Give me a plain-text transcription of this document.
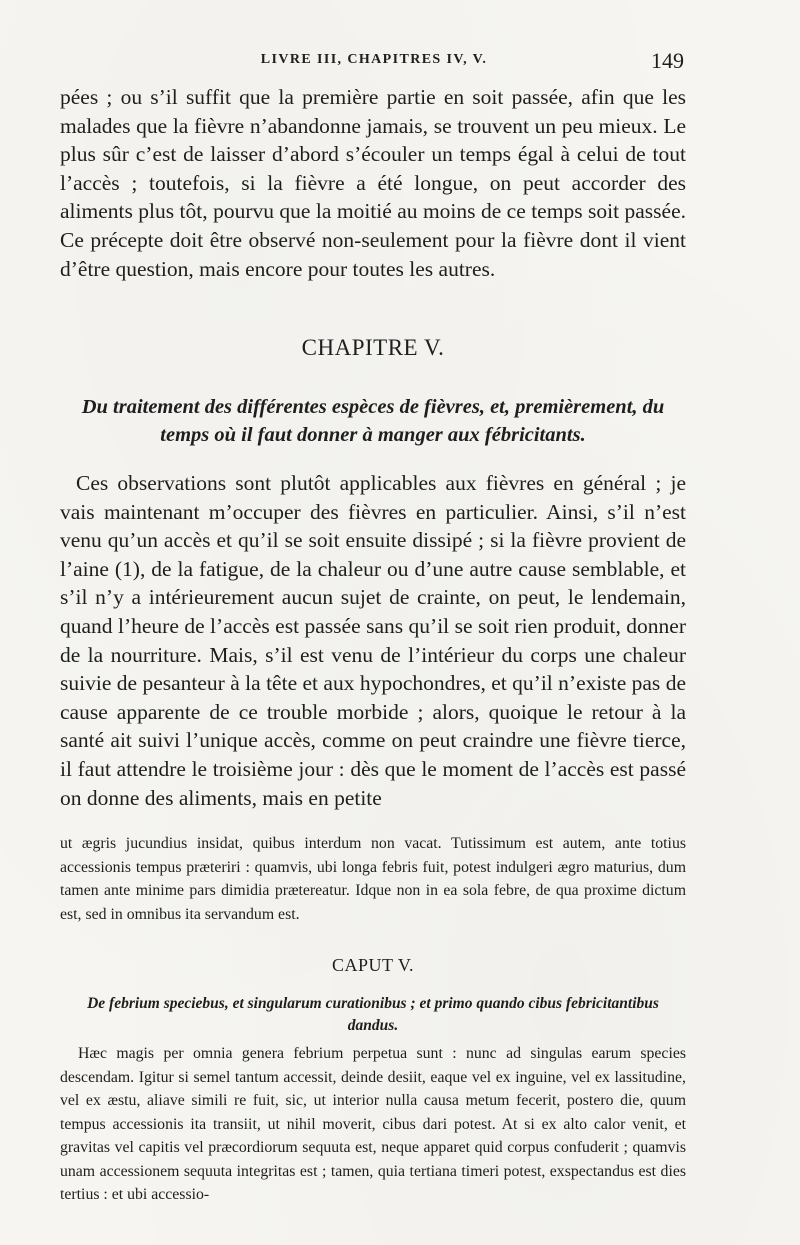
LIVRE III, CHAPITRES IV, V.	149

pées ; ou s’il suffit que la première partie en soit passée, afin que les malades que la fièvre n’abandonne jamais, se trouvent un peu mieux. Le plus sûr c’est de laisser d’abord s’écouler un temps égal à celui de tout l’accès ; toutefois, si la fièvre a été longue, on peut accorder des aliments plus tôt, pourvu que la moitié au moins de ce temps soit passée. Ce précepte doit être observé non-seulement pour la fièvre dont il vient d’être question, mais encore pour toutes les autres.

CHAPITRE V.
Du traitement des différentes espèces de fièvres, et, premièrement, du temps où il faut donner à manger aux fébricitants.

Ces observations sont plutôt applicables aux fièvres en général ; je vais maintenant m’occuper des fièvres en particulier. Ainsi, s’il n’est venu qu’un accès et qu’il se soit ensuite dissipé ; si la fièvre provient de l’aine (1), de la fatigue, de la chaleur ou d’une autre cause semblable, et s’il n’y a intérieurement aucun sujet de crainte, on peut, le lendemain, quand l’heure de l’accès est passée sans qu’il se soit rien produit, donner de la nourriture. Mais, s’il est venu de l’intérieur du corps une chaleur suivie de pesanteur à la tête et aux hypochondres, et qu’il n’existe pas de cause apparente de ce trouble morbide ; alors, quoique le retour à la santé ait suivi l’unique accès, comme on peut craindre une fièvre tierce, il faut attendre le troisième jour : dès que le moment de l’accès est passé on donne des aliments, mais en petite

ut ægris jucundius insidat, quibus interdum non vacat. Tutissimum est autem, ante totius accessionis tempus præteriri : quamvis, ubi longa febris fuit, potest indulgeri ægro maturius, dum tamen ante minime pars dimidia prætereatur. Idque non in ea sola febre, de qua proxime dictum est, sed in omnibus ita servandum est.

CAPUT V.
De febrium speciebus, et singularum curationibus ; et primo quando cibus febricitantibus dandus.

Hæc magis per omnia genera febrium perpetua sunt : nunc ad singulas earum species descendam. Igitur si semel tantum accessit, deinde desiit, eaque vel ex inguine, vel ex lassitudine, vel ex æstu, aliave simili re fuit, sic, ut interior nulla causa metum fecerit, postero die, quum tempus accessionis ita transiit, ut nihil moverit, cibus dari potest. At si ex alto calor venit, et gravitas vel capitis vel præcordiorum sequuta est, neque apparet quid corpus confuderit ; quamvis unam accessionem sequuta integritas est ; tamen, quia tertiana timeri potest, exspectandus est dies tertius : et ubi accessio-
